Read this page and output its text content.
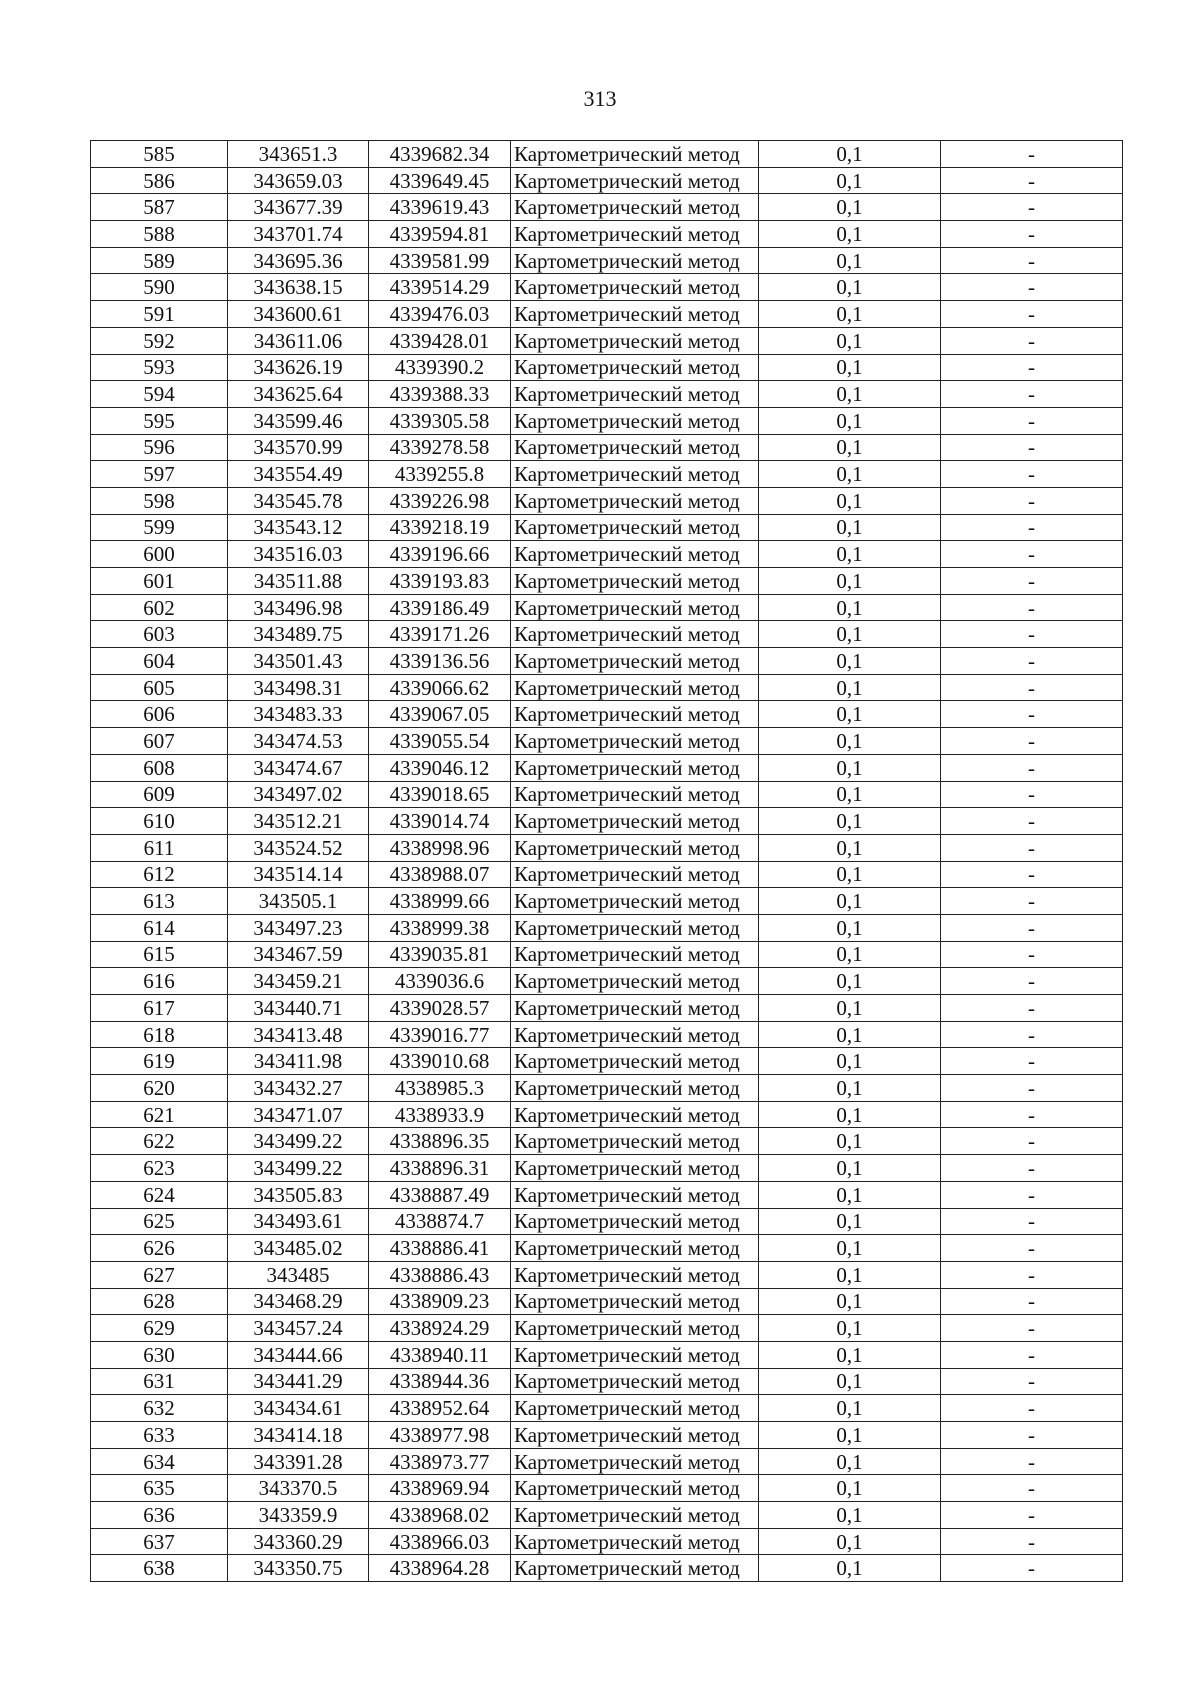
313
585	343651.3	4339682.34	Картометрический метод	0,1	-
586	343659.03	4339649.45	Картометрический метод	0,1	-
587	343677.39	4339619.43	Картометрический метод	0,1	-
588	343701.74	4339594.81	Картометрический метод	0,1	-
589	343695.36	4339581.99	Картометрический метод	0,1	-
590	343638.15	4339514.29	Картометрический метод	0,1	-
591	343600.61	4339476.03	Картометрический метод	0,1	-
592	343611.06	4339428.01	Картометрический метод	0,1	-
593	343626.19	4339390.2	Картометрический метод	0,1	-
594	343625.64	4339388.33	Картометрический метод	0,1	-
595	343599.46	4339305.58	Картометрический метод	0,1	-
596	343570.99	4339278.58	Картометрический метод	0,1	-
597	343554.49	4339255.8	Картометрический метод	0,1	-
598	343545.78	4339226.98	Картометрический метод	0,1	-
599	343543.12	4339218.19	Картометрический метод	0,1	-
600	343516.03	4339196.66	Картометрический метод	0,1	-
601	343511.88	4339193.83	Картометрический метод	0,1	-
602	343496.98	4339186.49	Картометрический метод	0,1	-
603	343489.75	4339171.26	Картометрический метод	0,1	-
604	343501.43	4339136.56	Картометрический метод	0,1	-
605	343498.31	4339066.62	Картометрический метод	0,1	-
606	343483.33	4339067.05	Картометрический метод	0,1	-
607	343474.53	4339055.54	Картометрический метод	0,1	-
608	343474.67	4339046.12	Картометрический метод	0,1	-
609	343497.02	4339018.65	Картометрический метод	0,1	-
610	343512.21	4339014.74	Картометрический метод	0,1	-
611	343524.52	4338998.96	Картометрический метод	0,1	-
612	343514.14	4338988.07	Картометрический метод	0,1	-
613	343505.1	4338999.66	Картометрический метод	0,1	-
614	343497.23	4338999.38	Картометрический метод	0,1	-
615	343467.59	4339035.81	Картометрический метод	0,1	-
616	343459.21	4339036.6	Картометрический метод	0,1	-
617	343440.71	4339028.57	Картометрический метод	0,1	-
618	343413.48	4339016.77	Картометрический метод	0,1	-
619	343411.98	4339010.68	Картометрический метод	0,1	-
620	343432.27	4338985.3	Картометрический метод	0,1	-
621	343471.07	4338933.9	Картометрический метод	0,1	-
622	343499.22	4338896.35	Картометрический метод	0,1	-
623	343499.22	4338896.31	Картометрический метод	0,1	-
624	343505.83	4338887.49	Картометрический метод	0,1	-
625	343493.61	4338874.7	Картометрический метод	0,1	-
626	343485.02	4338886.41	Картометрический метод	0,1	-
627	343485	4338886.43	Картометрический метод	0,1	-
628	343468.29	4338909.23	Картометрический метод	0,1	-
629	343457.24	4338924.29	Картометрический метод	0,1	-
630	343444.66	4338940.11	Картометрический метод	0,1	-
631	343441.29	4338944.36	Картометрический метод	0,1	-
632	343434.61	4338952.64	Картометрический метод	0,1	-
633	343414.18	4338977.98	Картометрический метод	0,1	-
634	343391.28	4338973.77	Картометрический метод	0,1	-
635	343370.5	4338969.94	Картометрический метод	0,1	-
636	343359.9	4338968.02	Картометрический метод	0,1	-
637	343360.29	4338966.03	Картометрический метод	0,1	-
638	343350.75	4338964.28	Картометрический метод	0,1	-
